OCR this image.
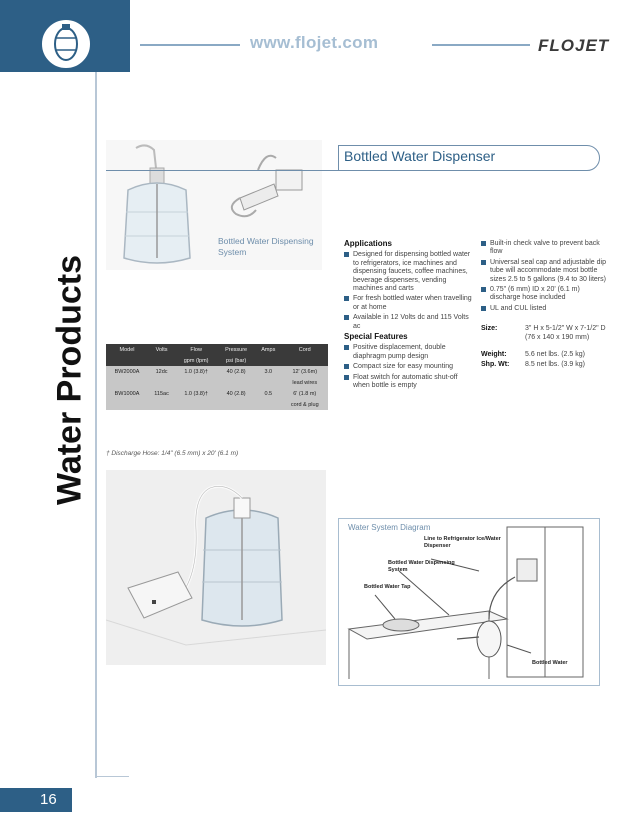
www.flojet.com	FLOJET
Water Products
16
Bottled Water Dispensing System
Bottled Water Dispenser
Model	Volts	Flow	Pressure	Amps	Cord
		gpm (lpm)	psi (bar)		
BW2000A	12dc	1.0 (3.8)†	40 (2.8)	3.0	12' (3.6m)
					lead wires
BW1000A	115ac	1.0 (3.8)†	40 (2.8)	0.5	6' (1.8 m)
					cord & plug
† Discharge Hose: 1/4" (6.5 mm) x 20' (6.1 m)
Applications
Designed for dispensing bottled water to refrigerators, ice machines and dispensing faucets, coffee machines, beverage dispensers, vending machines and carts
For fresh bottled water when travelling or at home
Available in 12 Volts dc and 115 Volts ac
Special Features
Positive displacement, double diaphragm pump design
Compact size for easy mounting
Float switch for automatic shut-off when bottle is empty
Built-in check valve to prevent back flow
Universal seal cap and adjustable dip tube will accommodate most bottle sizes 2.5 to 5 gallons (9.4 to 30 liters)
0.75" (6 mm) ID x 20' (6.1 m) discharge hose included
UL and CUL listed
Size:	3" H x 5-1/2" W x 7-1/2" D (76 x 140 x 190 mm)
Weight:	5.6 net lbs. (2.5 kg)
Shp. Wt:	8.5 net lbs. (3.9 kg)
Water System Diagram
Line to Refrigerator Ice/Water Dispenser
Bottled Water Dispensing System
Bottled Water Tap
Bottled Water
